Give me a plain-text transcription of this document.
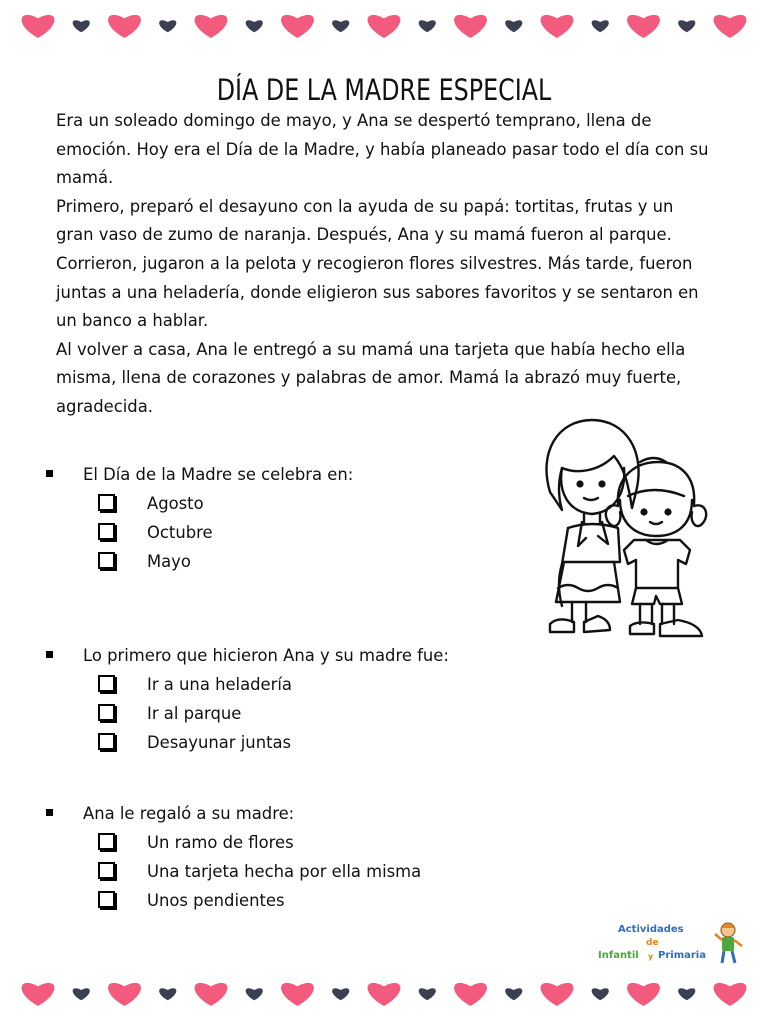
DÍA DE LA MADRE ESPECIAL

Era un soleado domingo de mayo, y Ana se despertó temprano, llena de emoción. Hoy era el Día de la Madre, y había planeado pasar todo el día con su mamá.

Primero, preparó el desayuno con la ayuda de su papá: tortitas, frutas y un gran vaso de zumo de naranja. Después, Ana y su mamá fueron al parque. Corrieron, jugaron a la pelota y recogieron flores silvestres. Más tarde, fueron juntas a una heladería, donde eligieron sus sabores favoritos y se sentaron en un banco a hablar.

Al volver a casa, Ana le entregó a su mamá una tarjeta que había hecho ella misma, llena de corazones y palabras de amor. Mamá la abrazó muy fuerte, agradecida.

El Día de la Madre se celebra en:
Agosto
Octubre
Mayo
Lo primero que hicieron Ana y su madre fue:
Ir a una heladería
Ir al parque
Desayunar juntas
Ana le regaló a su madre:
Un ramo de flores
Una tarjeta hecha por ella misma
Unos pendientes
Actividades
de
Infantil y Primaria
